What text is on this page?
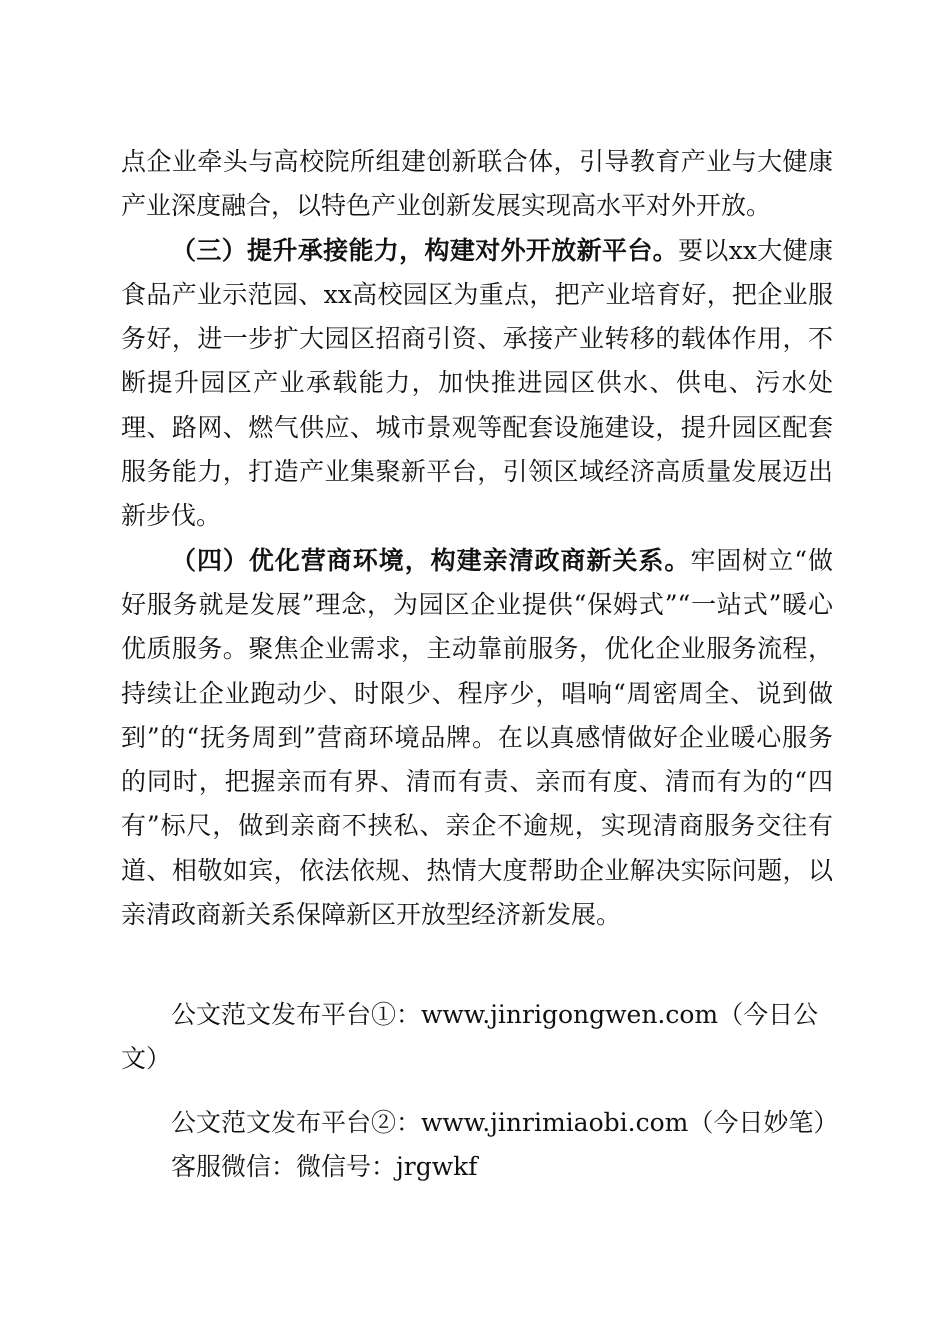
点企业牵头与高校院所组建创新联合体，引导教育产业与大健康产业深度融合，以特色产业创新发展实现高水平对外开放。

（三）提升承接能力，构建对外开放新平台。要以xx大健康食品产业示范园、xx高校园区为重点，把产业培育好，把企业服务好，进一步扩大园区招商引资、承接产业转移的载体作用，不断提升园区产业承载能力，加快推进园区供水、供电、污水处理、路网、燃气供应、城市景观等配套设施建设，提升园区配套服务能力，打造产业集聚新平台，引领区域经济高质量发展迈出新步伐。

（四）优化营商环境，构建亲清政商新关系。牢固树立“做好服务就是发展”理念，为园区企业提供“保姆式”“一站式”暖心优质服务。聚焦企业需求，主动靠前服务，优化企业服务流程，持续让企业跑动少、时限少、程序少，唱响“周密周全、说到做到”的“抚务周到”营商环境品牌。在以真感情做好企业暖心服务的同时，把握亲而有界、清而有责、亲而有度、清而有为的“四有”标尺，做到亲商不挟私、亲企不逾规，实现清商服务交往有道、相敬如宾，依法依规、热情大度帮助企业解决实际问题，以亲清政商新关系保障新区开放型经济新发展。

公文范文发布平台①：www.jinrigongwen.com（今日公文）

公文范文发布平台②：www.jinrimiaobi.com（今日妙笔）

客服微信：微信号：jrgwkf
